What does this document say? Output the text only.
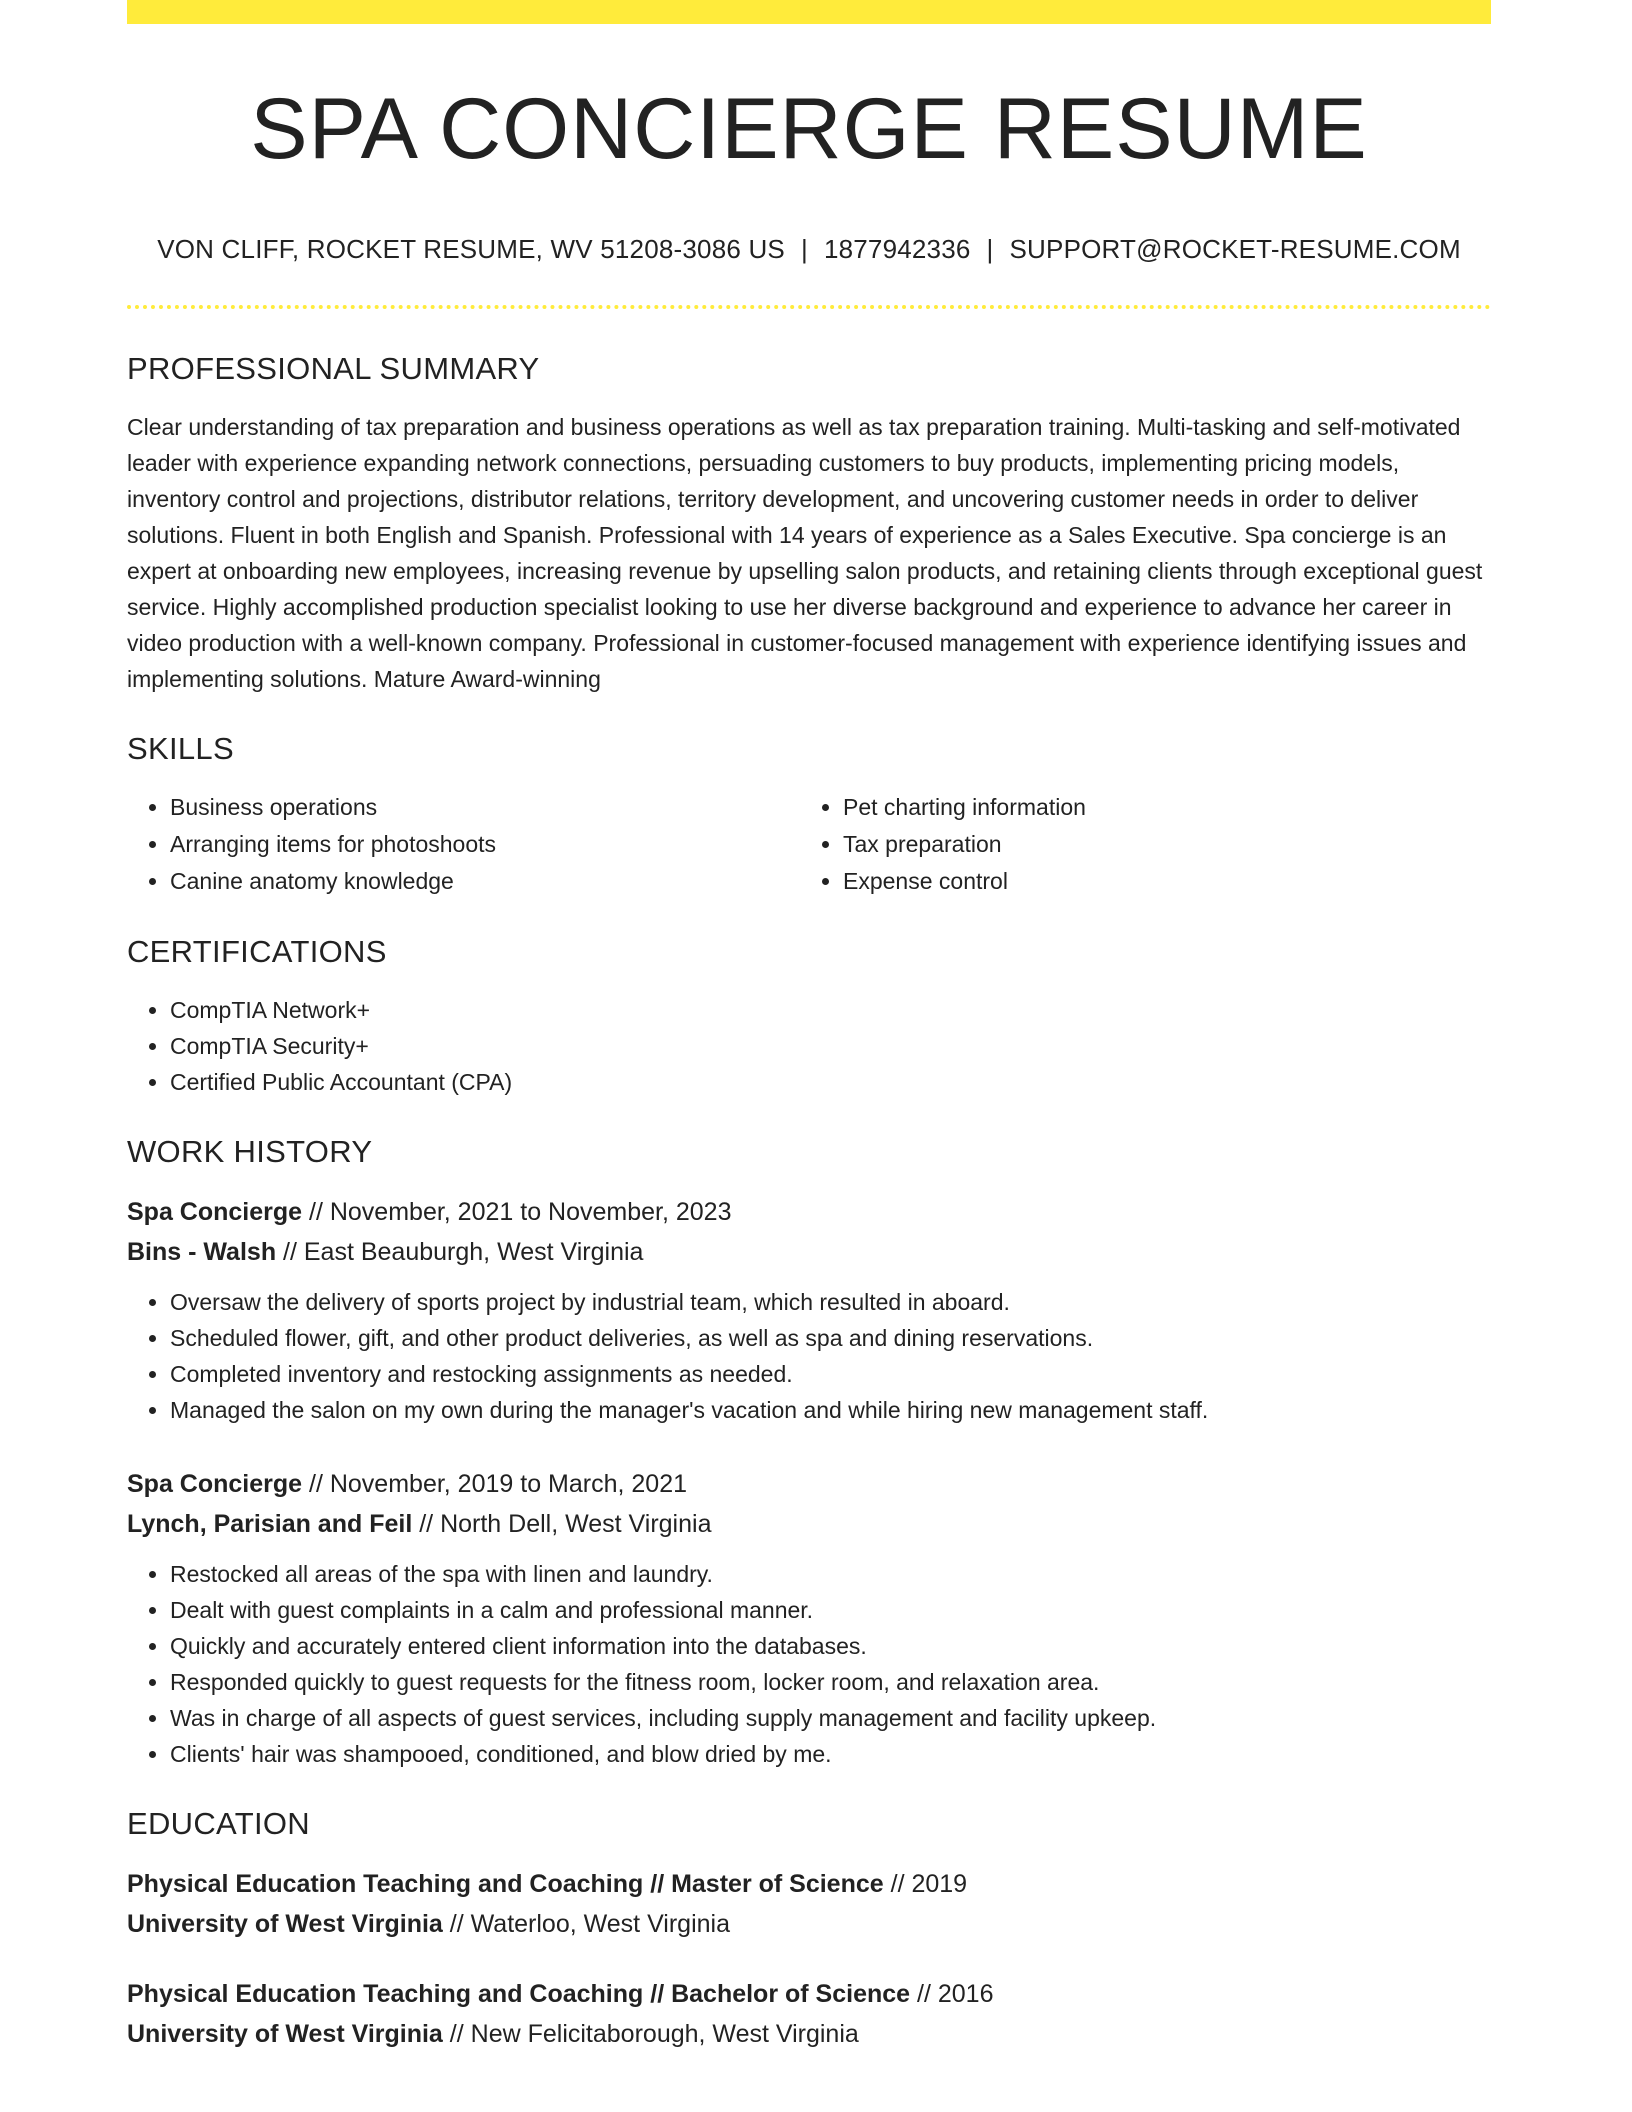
SPA CONCIERGE RESUME
VON CLIFF, ROCKET RESUME, WV 51208-3086 US | 1877942336 | SUPPORT@ROCKET-RESUME.COM
PROFESSIONAL SUMMARY
Clear understanding of tax preparation and business operations as well as tax preparation training. Multi-tasking and self-motivated leader with experience expanding network connections, persuading customers to buy products, implementing pricing models, inventory control and projections, distributor relations, territory development, and uncovering customer needs in order to deliver solutions. Fluent in both English and Spanish. Professional with 14 years of experience as a Sales Executive. Spa concierge is an expert at onboarding new employees, increasing revenue by upselling salon products, and retaining clients through exceptional guest service. Highly accomplished production specialist looking to use her diverse background and experience to advance her career in video production with a well-known company. Professional in customer-focused management with experience identifying issues and implementing solutions. Mature Award-winning
SKILLS
• Business operations
• Arranging items for photoshoots
• Canine anatomy knowledge
• Pet charting information
• Tax preparation
• Expense control
CERTIFICATIONS
• CompTIA Network+
• CompTIA Security+
• Certified Public Accountant (CPA)
WORK HISTORY
Spa Concierge // November, 2021 to November, 2023
Bins - Walsh // East Beauburgh, West Virginia
• Oversaw the delivery of sports project by industrial team, which resulted in aboard.
• Scheduled flower, gift, and other product deliveries, as well as spa and dining reservations.
• Completed inventory and restocking assignments as needed.
• Managed the salon on my own during the manager's vacation and while hiring new management staff.
Spa Concierge // November, 2019 to March, 2021
Lynch, Parisian and Feil // North Dell, West Virginia
• Restocked all areas of the spa with linen and laundry.
• Dealt with guest complaints in a calm and professional manner.
• Quickly and accurately entered client information into the databases.
• Responded quickly to guest requests for the fitness room, locker room, and relaxation area.
• Was in charge of all aspects of guest services, including supply management and facility upkeep.
• Clients' hair was shampooed, conditioned, and blow dried by me.
EDUCATION
Physical Education Teaching and Coaching // Master of Science // 2019
University of West Virginia // Waterloo, West Virginia
Physical Education Teaching and Coaching // Bachelor of Science // 2016
University of West Virginia // New Felicitaborough, West Virginia
